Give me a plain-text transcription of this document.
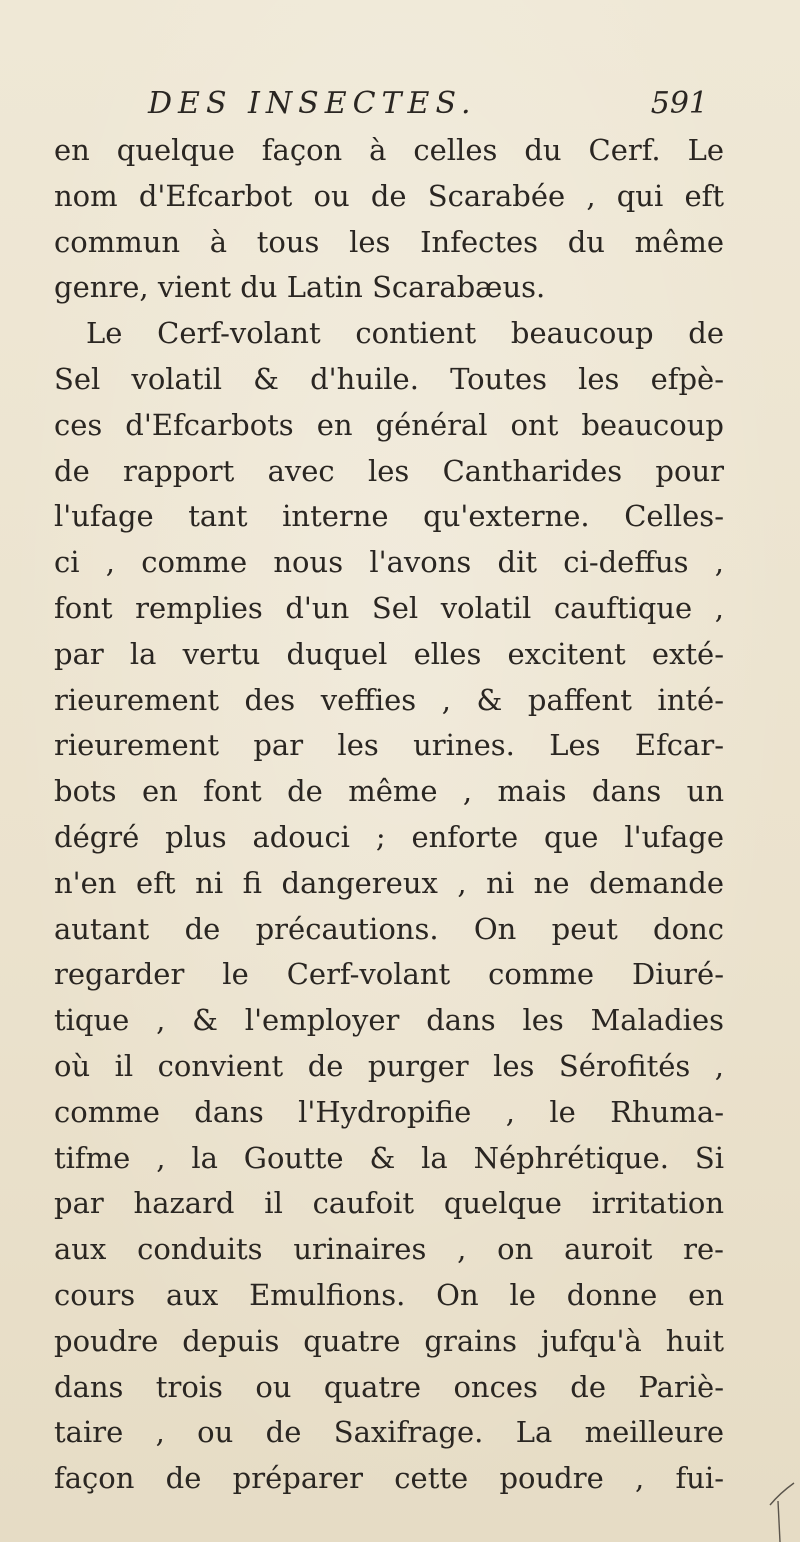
DES INSECTES.	591
en quelque façon à celles du Cerf. Le
nom d'Efcarbot ou de Scarabée , qui eft
commun à tous les Infectes du même
genre, vient du Latin Scarabæus.
Le Cerf-volant contient beaucoup de
Sel volatil & d'huile. Toutes les efpè-
ces d'Efcarbots en général ont beaucoup
de rapport avec les Cantharides pour
l'ufage tant interne qu'externe. Celles-
ci , comme nous l'avons dit ci-deffus ,
font remplies d'un Sel volatil cauftique ,
par la vertu duquel elles excitent exté-
rieurement des veffies , & paffent inté-
rieurement par les urines. Les Efcar-
bots en font de même , mais dans un
dégré plus adouci ; enforte que l'ufage
n'en eft ni fi dangereux , ni ne demande
autant de précautions. On peut donc
regarder le Cerf-volant comme Diuré-
tique , & l'employer dans les Maladies
où il convient de purger les Sérofités ,
comme dans l'Hydropifie , le Rhuma-
tifme , la Goutte & la Néphrétique. Si
par hazard il caufoit quelque irritation
aux conduits urinaires , on auroit re-
cours aux Emulfions. On le donne en
poudre depuis quatre grains jufqu'à huit
dans trois ou quatre onces de Pariè-
taire , ou de Saxifrage. La meilleure
façon de préparer cette poudre , fui-
